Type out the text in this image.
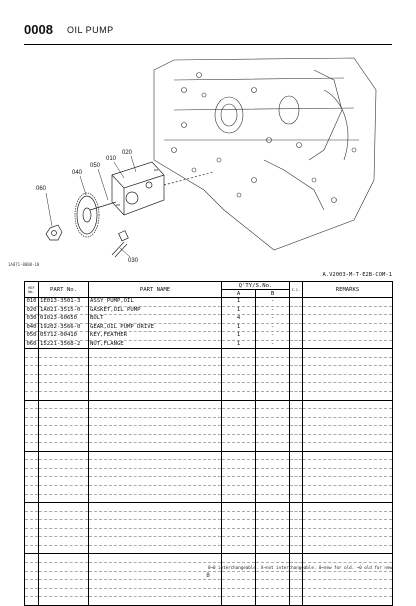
0008 OIL PUMP
020
010
050
040
060
030
1A071-0008-10
A.V2003-M-T-E2B-COM-1
REF No.	PART No.	PART NAME	Q'TY/S.No.		I.C.	REMARKS
			A	B		
010	1E013-3501-3	ASSY PUMP,OIL	1	-		
020	1A021-3515-0	GASKET,OIL PUMP	1	-		
030	01023-60650	BOLT	4	-		
040	19202-3566-0	GEAR,OIL PUMP DRIVE	1	-		
050	05712-00410	KEY,FEATHER	1	-		
060	15221-3568-2	NUT,FLANGE	1	-		

0→0 interchangeable. X→not interchangeable. 0←new for old. →0 old for new
8
